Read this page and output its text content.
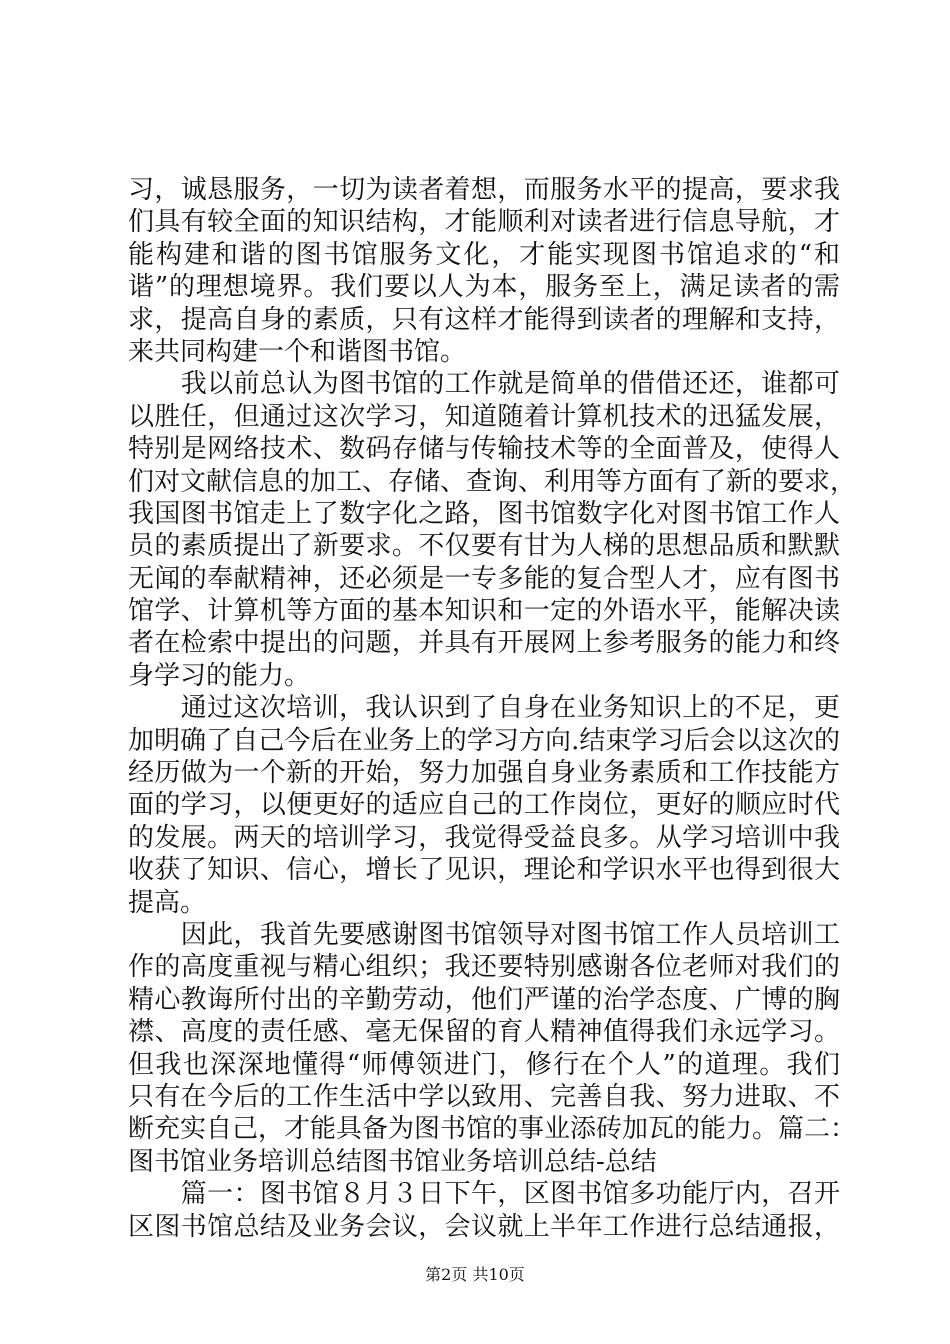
习，诚恳服务，一切为读者着想，而服务水平的提高，要求我
们具有较全面的知识结构，才能顺利对读者进行信息导航，才
能构建和谐的图书馆服务文化，才能实现图书馆追求的“和
谐”的理想境界。我们要以人为本，服务至上，满足读者的需
求，提高自身的素质，只有这样才能得到读者的理解和支持，
来共同构建一个和谐图书馆。
　　我以前总认为图书馆的工作就是简单的借借还还，谁都可
以胜任，但通过这次学习，知道随着计算机技术的迅猛发展，
特别是网络技术、数码存储与传输技术等的全面普及，使得人
们对文献信息的加工、存储、查询、利用等方面有了新的要求，
我国图书馆走上了数字化之路，图书馆数字化对图书馆工作人
员的素质提出了新要求。不仅要有甘为人梯的思想品质和默默
无闻的奉献精神，还必须是一专多能的复合型人才，应有图书
馆学、计算机等方面的基本知识和一定的外语水平，能解决读
者在检索中提出的问题，并具有开展网上参考服务的能力和终
身学习的能力。
　　通过这次培训，我认识到了自身在业务知识上的不足，更
加明确了自己今后在业务上的学习方向.结束学习后会以这次的
经历做为一个新的开始，努力加强自身业务素质和工作技能方
面的学习，以便更好的适应自己的工作岗位，更好的顺应时代
的发展。两天的培训学习，我觉得受益良多。从学习培训中我
收获了知识、信心，增长了见识，理论和学识水平也得到很大
提高。
　　因此，我首先要感谢图书馆领导对图书馆工作人员培训工
作的高度重视与精心组织；我还要特别感谢各位老师对我们的
精心教诲所付出的辛勤劳动，他们严谨的治学态度、广博的胸
襟、高度的责任感、毫无保留的育人精神值得我们永远学习。
但我也深深地懂得“师傅领进门，修行在个人”的道理。我们
只有在今后的工作生活中学以致用、完善自我、努力进取、不
断充实自己，才能具备为图书馆的事业添砖加瓦的能力。篇二：
图书馆业务培训总结图书馆业务培训总结-总结
　　篇一：图书馆８月３日下午，区图书馆多功能厅内，召开
区图书馆总结及业务会议，会议就上半年工作进行总结通报，
第2页 共10页
